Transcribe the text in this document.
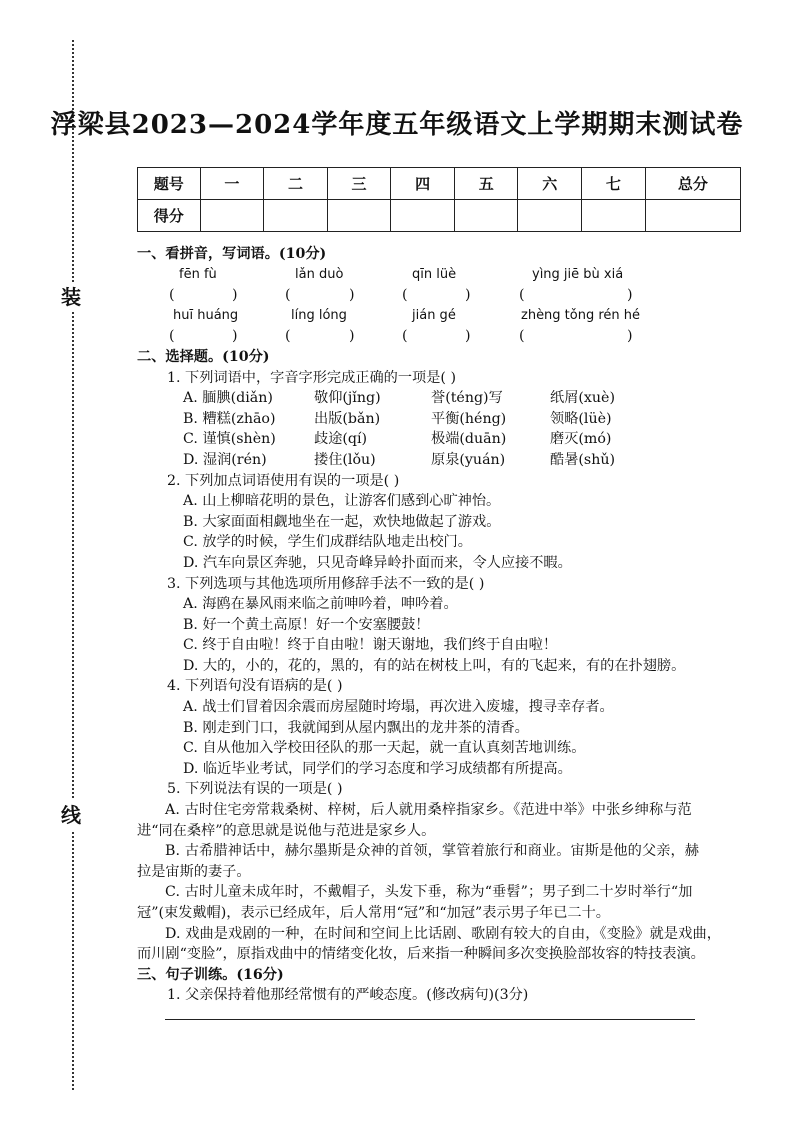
装
线
浮梁县2023—2024学年度五年级语文上学期期末测试卷
题号	一	二	三	四	五	六	七	总分
得分								

一、看拼音，写词语。(10分)

fēn fù	lǎn duò	qīn lüè	yìng jiē bù xiá
(	)	(	)	(	)	(	)
huī huáng	líng lóng	jián gé	zhèng tǒng rén hé
(	)	(	)	(	)	(	)

二、选择题。(10分)

1. 下列词语中，字音字形完成正确的一项是( )

A. 腼腆(diǎn)	敬仰(jǐng)	誉(téng)写	纸屑(xuè)
B. 糟糕(zhāo)	出版(bǎn)	平衡(héng)	领略(lüè)
C. 谨慎(shèn)	歧途(qí)	极端(duān)	磨灭(mó)
D. 湿润(rén)	搂住(lǒu)	原泉(yuán)	酷暑(shǔ)

2. 下列加点词语使用有误的一项是( )

A. 山上柳暗花明的景色，让游客们感到心旷神怡。

B. 大家面面相觑地坐在一起，欢快地做起了游戏。

C. 放学的时候，学生们成群结队地走出校门。

D. 汽车向景区奔驰，只见奇峰异岭扑面而来，令人应接不暇。

3. 下列选项与其他选项所用修辞手法不一致的是( )

A. 海鸥在暴风雨来临之前呻吟着，呻吟着。

B. 好一个黄土高原！好一个安塞腰鼓！

C. 终于自由啦！终于自由啦！谢天谢地，我们终于自由啦！

D. 大的，小的，花的，黑的，有的站在树枝上叫，有的飞起来，有的在扑翅膀。

4. 下列语句没有语病的是( )

A. 战士们冒着因余震而房屋随时垮塌，再次进入废墟，搜寻幸存者。

B. 刚走到门口，我就闻到从屋内飘出的龙井茶的清香。

C. 自从他加入学校田径队的那一天起，就一直认真刻苦地训练。

D. 临近毕业考试，同学们的学习态度和学习成绩都有所提高。

5. 下列说法有误的一项是( )

A. 古时住宅旁常栽桑树、梓树，后人就用桑梓指家乡。《范进中举》中张乡绅称与范

进“同在桑梓”的意思就是说他与范进是家乡人。

B. 古希腊神话中，赫尔墨斯是众神的首领，掌管着旅行和商业。宙斯是他的父亲，赫

拉是宙斯的妻子。

C. 古时儿童未成年时，不戴帽子，头发下垂，称为“垂髫”；男子到二十岁时举行“加

冠”(束发戴帽)，表示已经成年，后人常用“冠”和“加冠”表示男子年已二十。

D. 戏曲是戏剧的一种，在时间和空间上比话剧、歌剧有较大的自由，《变脸》就是戏曲，

而川剧“变脸”，原指戏曲中的情绪变化妆，后来指一种瞬间多次变换脸部妆容的特技表演。

三、句子训练。(16分)

1. 父亲保持着他那经常惯有的严峻态度。(修改病句)(3分)
